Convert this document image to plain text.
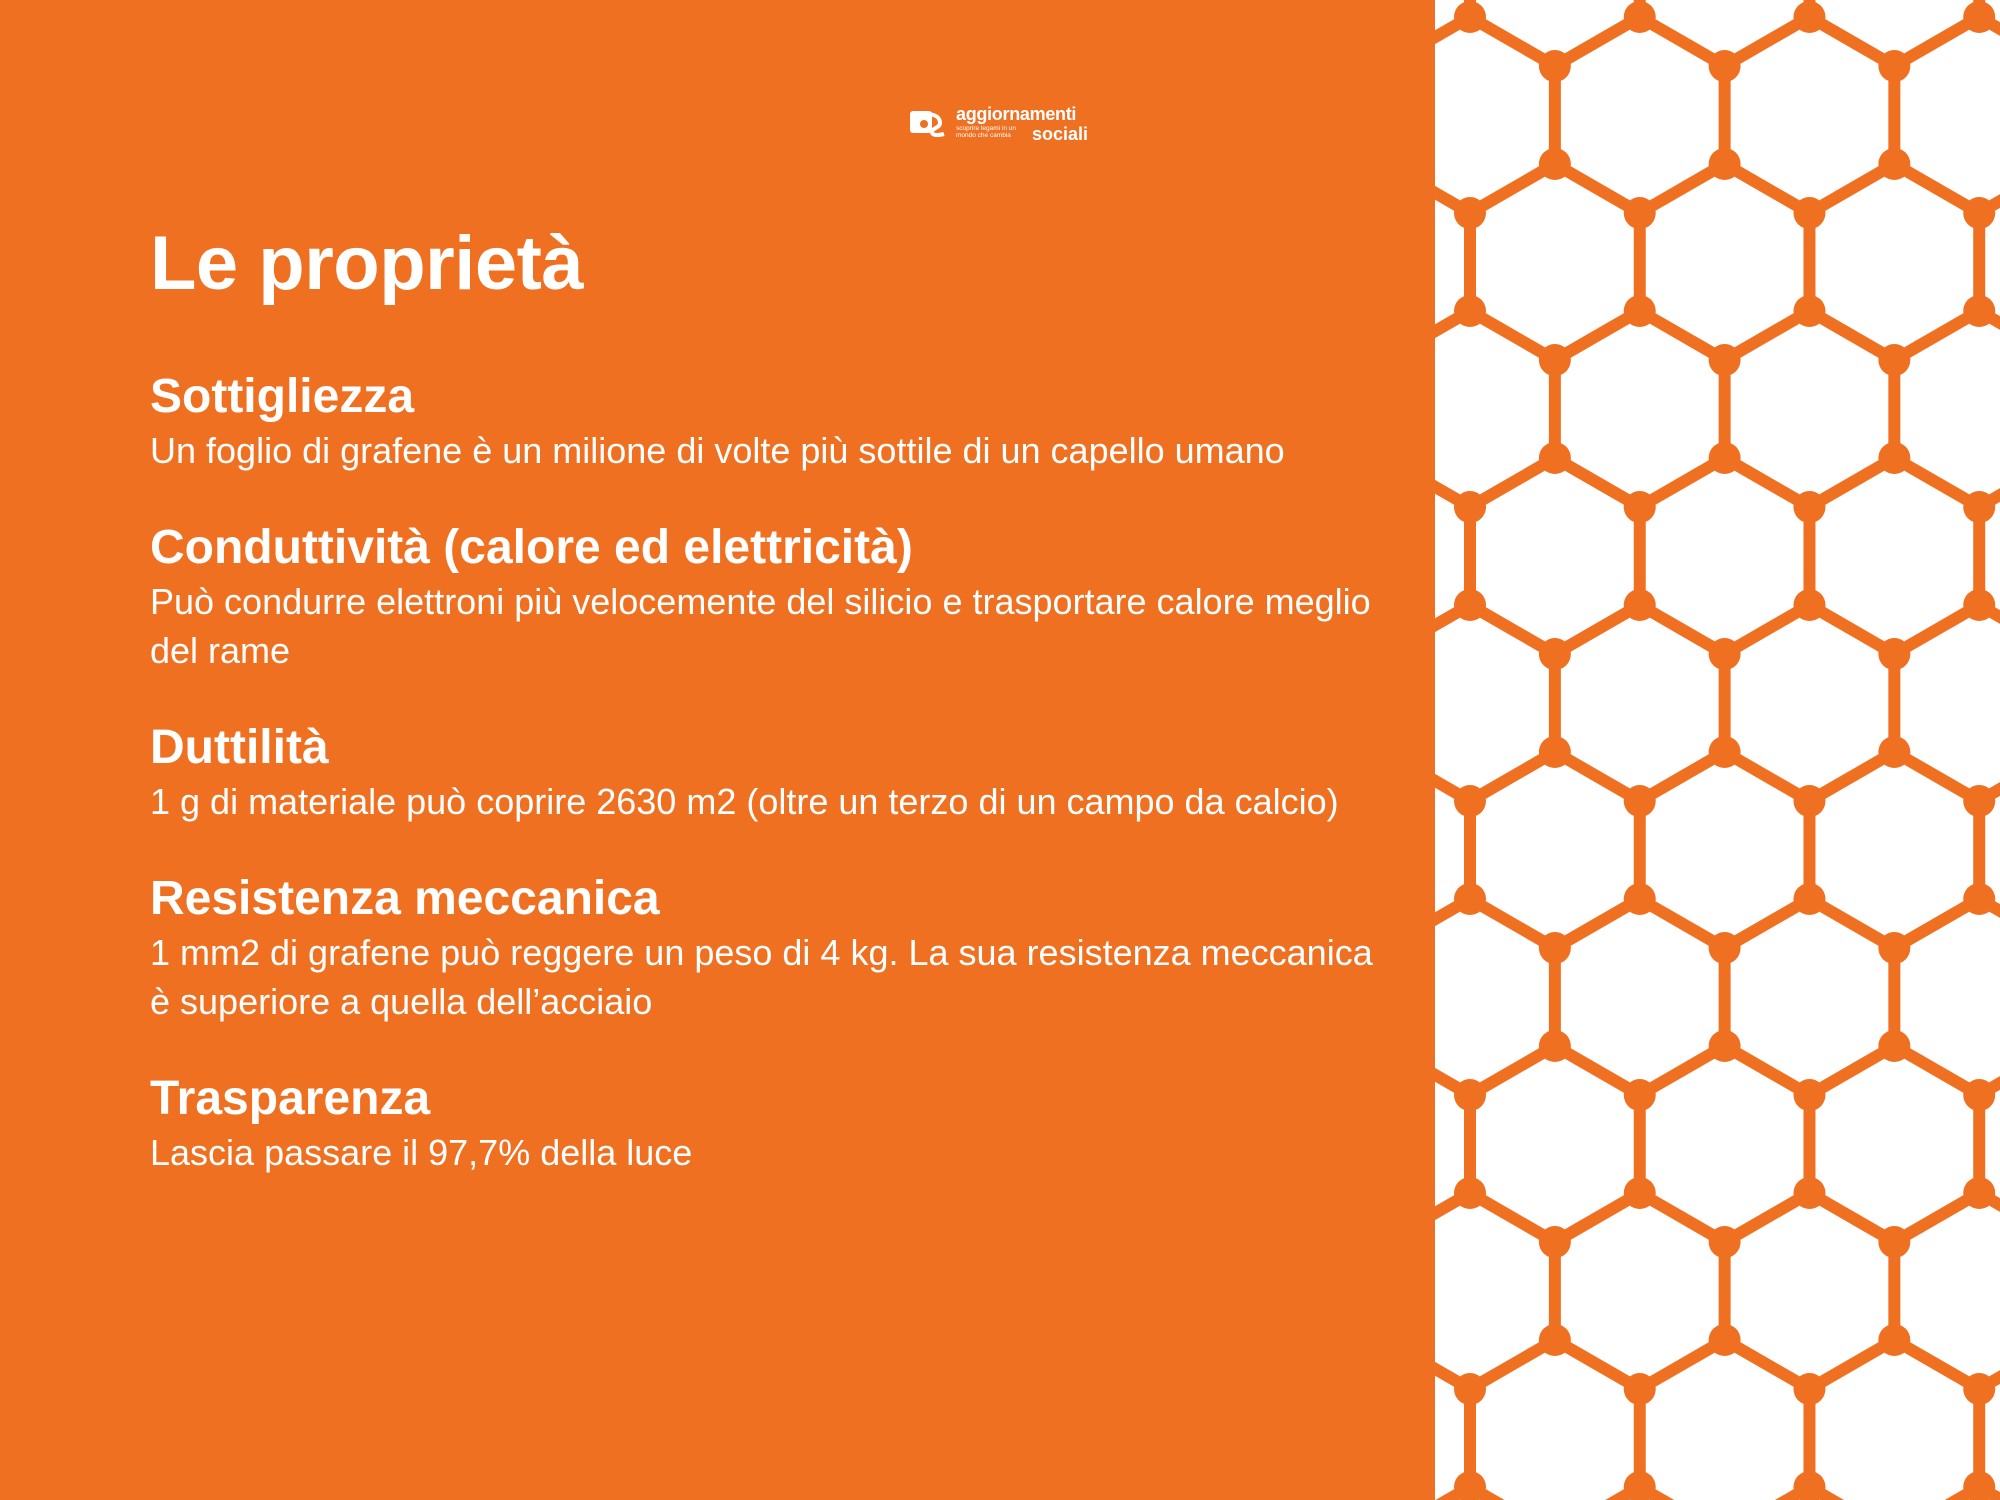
aggiornamenti
scoprire legami in un mondo che cambia sociali
Le proprietà

Sottigliezza

Un foglio di grafene è un milione di volte più sottile di un capello umano

Conduttività (calore ed elettricità)

Può condurre elettroni più velocemente del silicio e trasportare calore meglio del rame

Duttilità

1 g di materiale può coprire 2630 m2 (oltre un terzo di un campo da calcio)

Resistenza meccanica

1 mm2 di grafene può reggere un peso di 4 kg. La sua resistenza meccanica è superiore a quella dell’acciaio

Trasparenza

Lascia passare il 97,7% della luce
